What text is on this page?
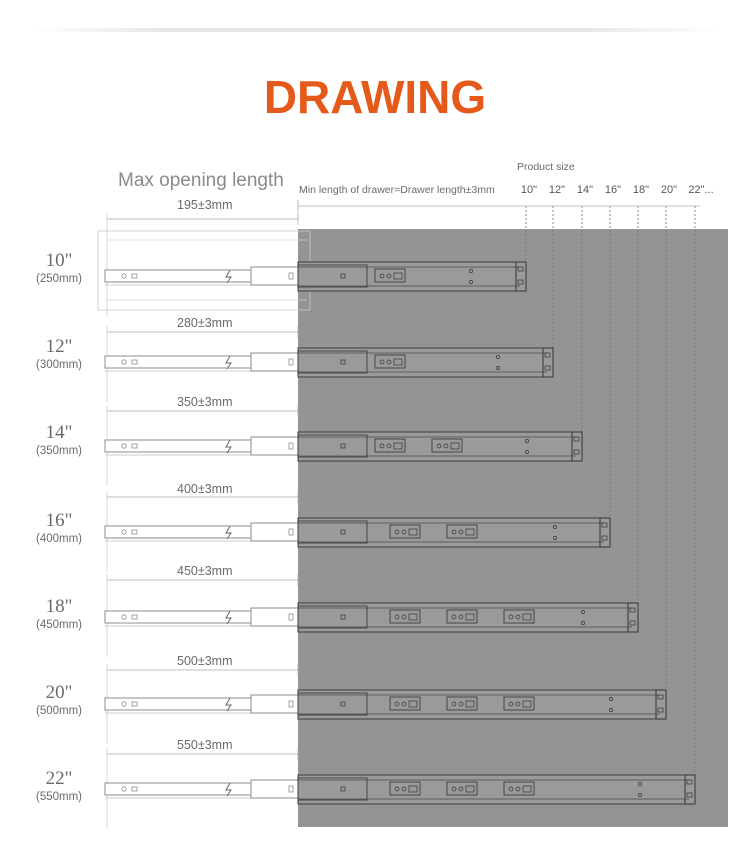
DRAWING
Max opening length Min length of drawer=Drawer length±3mm
Product size
10"	12"	14"	16"	18"	20"	22"...
10"
(250mm)
12"
(300mm)
14"
(350mm)
16"
(400mm)
18"
(450mm)
20"
(500mm)
22"
(550mm)
195±3mm
280±3mm
350±3mm
400±3mm
450±3mm
500±3mm
550±3mm
